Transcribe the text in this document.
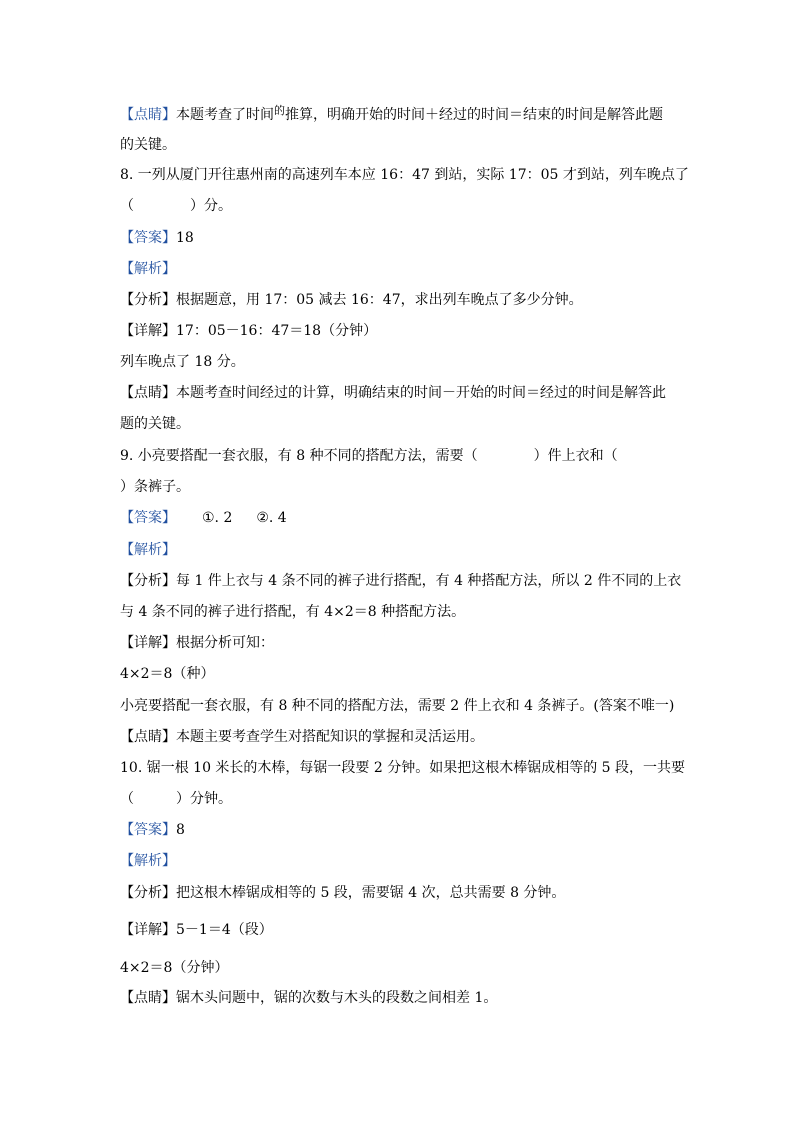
【点睛】本题考查了时间$^的$推算，明确开始的时间＋经过的时间＝结束的时间是解答此题
的关键。
8. 一列从厦门开往惠州南的高速列车本应 16：47 到站，实际 17：05 才到站，列车晚点了
（　　　　）分。
【答案】18
【解析】
【分析】根据题意，用 17：05 减去 16：47，求出列车晚点了多少分钟。
【详解】17：05－16：47＝18（分钟）
列车晚点了 18 分。
【点睛】本题考查时间经过的计算，明确结束的时间－开始的时间＝经过的时间是解答此
题的关键。
9. 小亮要搭配一套衣服，有 8 种不同的搭配方法，需要（　　　　）件上衣和（
）条裤子。
【答案】 ①. 2 ②. 4
【解析】
【分析】每 1 件上衣与 4 条不同的裤子进行搭配，有 4 种搭配方法，所以 2 件不同的上衣
与 4 条不同的裤子进行搭配，有 4×2＝8 种搭配方法。
【详解】根据分析可知：
4×2＝8（种）
小亮要搭配一套衣服，有 8 种不同的搭配方法，需要 2 件上衣和 4 条裤子。(答案不唯一)
【点睛】本题主要考查学生对搭配知识的掌握和灵活运用。
10. 锯一根 10 米长的木棒，每锯一段要 2 分钟。如果把这根木棒锯成相等的 5 段，一共要
（　　　）分钟。
【答案】8
【解析】
【分析】把这根木棒锯成相等的 5 段，需要锯 4 次，总共需要 8 分钟。
【详解】5－1＝4（段）
4×2＝8（分钟）
【点睛】锯木头问题中，锯的次数与木头的段数之间相差 1。
